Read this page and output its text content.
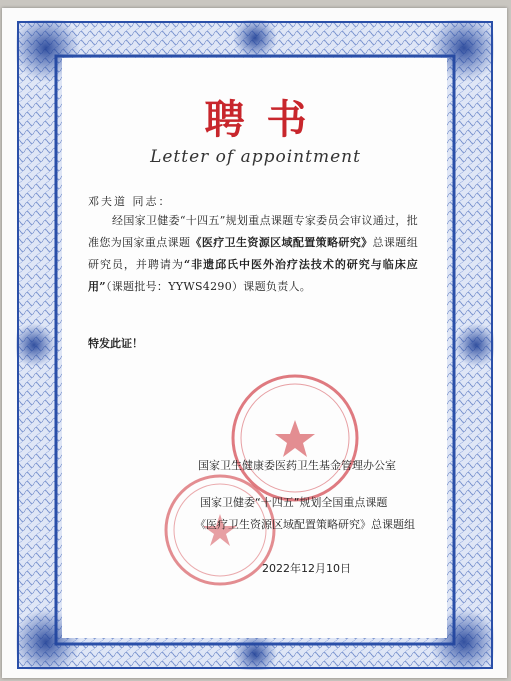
聘书
Letter of appointment
邓夫道 同志：
经国家卫健委“十四五”规划重点课题专家委员会审议通过，批准您为国家重点课题《医疗卫生资源区域配置策略研究》总课题组研究员，并聘请为“非遗邱氏中医外治疗法技术的研究与临床应用”（课题批号：YYWS4290）课题负责人。
特发此证！
国家卫生健康委医药卫生基金管理办公室
国家卫健委“十四五”规划全国重点课题
《医疗卫生资源区域配置策略研究》总课题组
2022年12月10日
